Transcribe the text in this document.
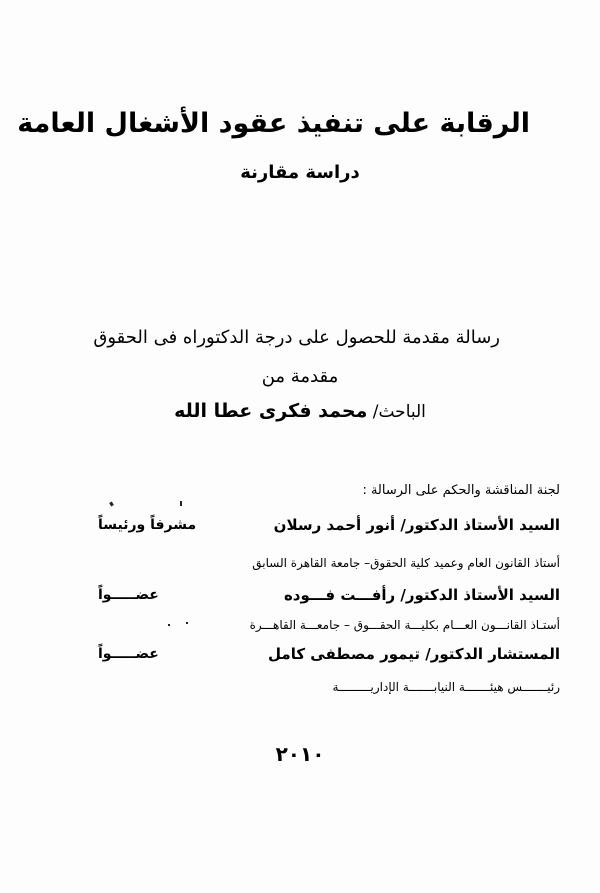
الرقابة على تنفيذ عقود الأشغال العامة
دراسة مقارنة
رسالة مقدمة للحصول على درجة الدكتوراه فى الحقوق
مقدمة من
الباحث/ محمد فكرى عطا الله
لجنة المناقشة والحكم على الرسالة :
السيد الأستاذ الدكتور/ أنور أحمد رسلان
مشرفاً ورئيساً
أستاذ القانون العام وعميد كلية الحقوق– جامعة القاهرة السابق
السيد الأستاذ الدكتور/ رأفـــت فـــوده
عضـــــواً
أستـاذ القانـــون العـــام بكليـــة الحقـــوق – جامعـــة القاهـــرة
المستشار الدكتور/ تيمور مصطفى كامل
عضـــــواً
رئيـــــــس هيئـــــــة النيابـــــــة الإداريـــــــــة
٢٠١٠
